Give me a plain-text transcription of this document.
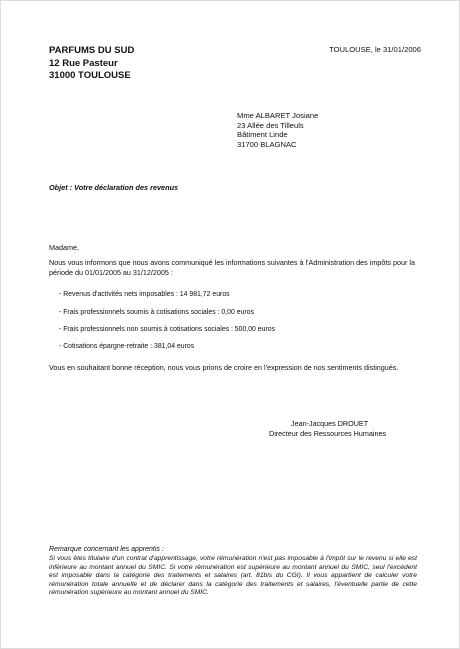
PARFUMS DU SUD
12 Rue Pasteur
31000 TOULOUSE
TOULOUSE, le 31/01/2006
Mme ALBARET Josiane
23 Allée des Tilleuls
Bâtiment Linde
31700 BLAGNAC
Objet : Votre déclaration des revenus
Madame,
Nous vous informons que nous avons communiqué les informations suivantes à l'Administration des impôts pour la période du 01/01/2005 au 31/12/2005 :
- Revenus d'activités nets imposables : 14 981,72 euros
- Frais professionnels soumis à cotisations sociales : 0,00 euros
- Frais professionnels non soumis à cotisations sociales : 500,00 euros
- Cotisations épargne-retraite : 381,04 euros
Vous en souhaitant bonne réception, nous vous prions de croire en l'expression de nos sentiments distingués.
Jean-Jacques DROUET
Directeur des Ressources Humaines
Remarque concernant les apprentis :
Si vous êtes titulaire d'un contrat d'apprentissage, votre rémunération n'est pas imposable à l'impôt sur le revenu si elle est inférieure au montant annuel du SMIC. Si votre rémunération est supérieure au montant annuel du SMIC, seul l'excédent est imposable dans la catégorie des traitements et salaires (art. 81bis du CGI). Il vous appartient de calculer votre rémunération totale annuelle et de déclarer dans la catégorie des traitements et salaires, l'éventuelle partie de cette rémunération supérieure au montant annuel du SMIC.
